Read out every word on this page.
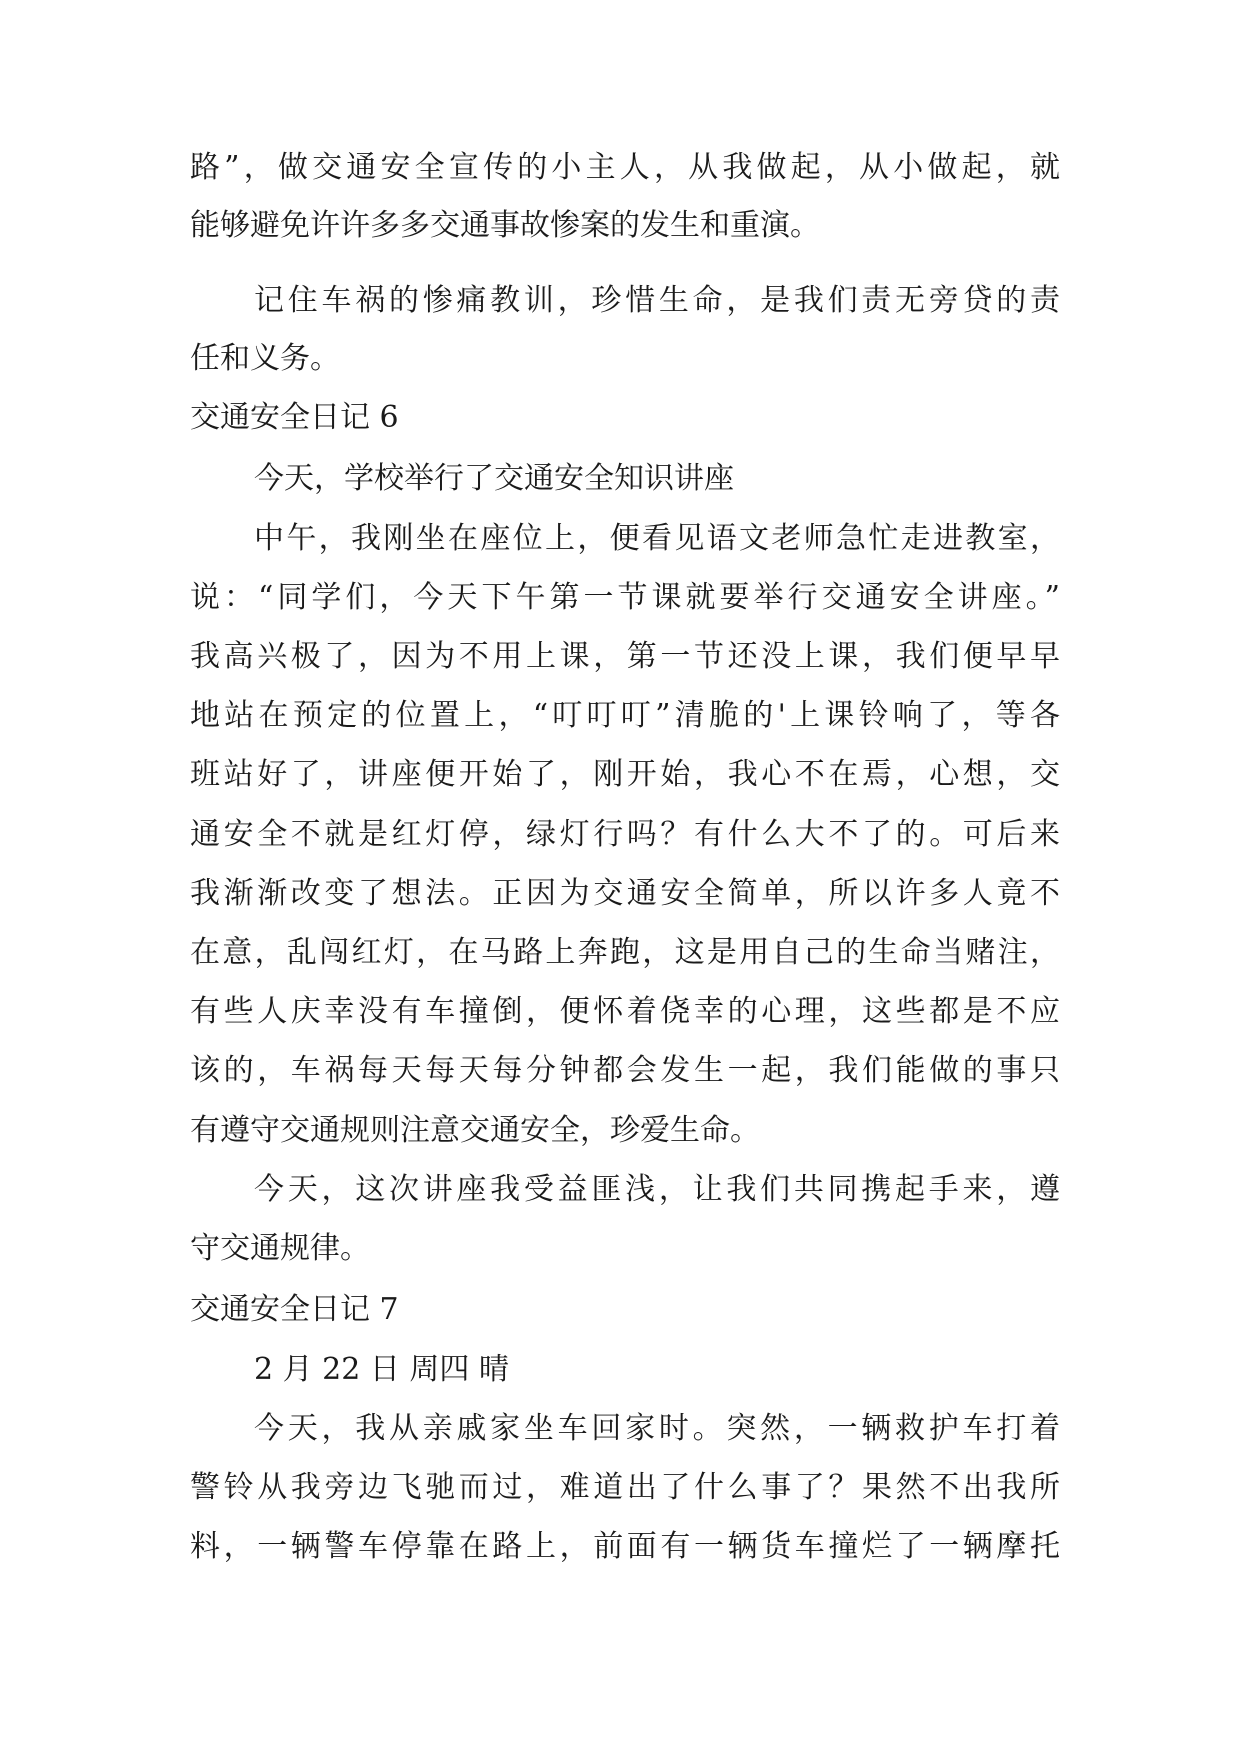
路”，做交通安全宣传的小主人，从我做起，从小做起，就
能够避免许许多多交通事故惨案的发生和重演。
记住车祸的惨痛教训，珍惜生命，是我们责无旁贷的责
任和义务。
交通安全日记 6
今天，学校举行了交通安全知识讲座
中午，我刚坐在座位上，便看见语文老师急忙走进教室，
说：“同学们，今天下午第一节课就要举行交通安全讲座。”
我高兴极了，因为不用上课，第一节还没上课，我们便早早
地站在预定的位置上，“叮叮叮”清脆的'上课铃响了，等各
班站好了，讲座便开始了，刚开始，我心不在焉，心想，交
通安全不就是红灯停，绿灯行吗？有什么大不了的。可后来
我渐渐改变了想法。正因为交通安全简单，所以许多人竟不
在意，乱闯红灯，在马路上奔跑，这是用自己的生命当赌注，
有些人庆幸没有车撞倒，便怀着侥幸的心理，这些都是不应
该的，车祸每天每天每分钟都会发生一起，我们能做的事只
有遵守交通规则注意交通安全，珍爱生命。
今天，这次讲座我受益匪浅，让我们共同携起手来，遵
守交通规律。
交通安全日记 7
2 月 22 日 周四 晴
今天，我从亲戚家坐车回家时。突然，一辆救护车打着
警铃从我旁边飞驰而过，难道出了什么事了？果然不出我所
料，一辆警车停靠在路上，前面有一辆货车撞烂了一辆摩托
